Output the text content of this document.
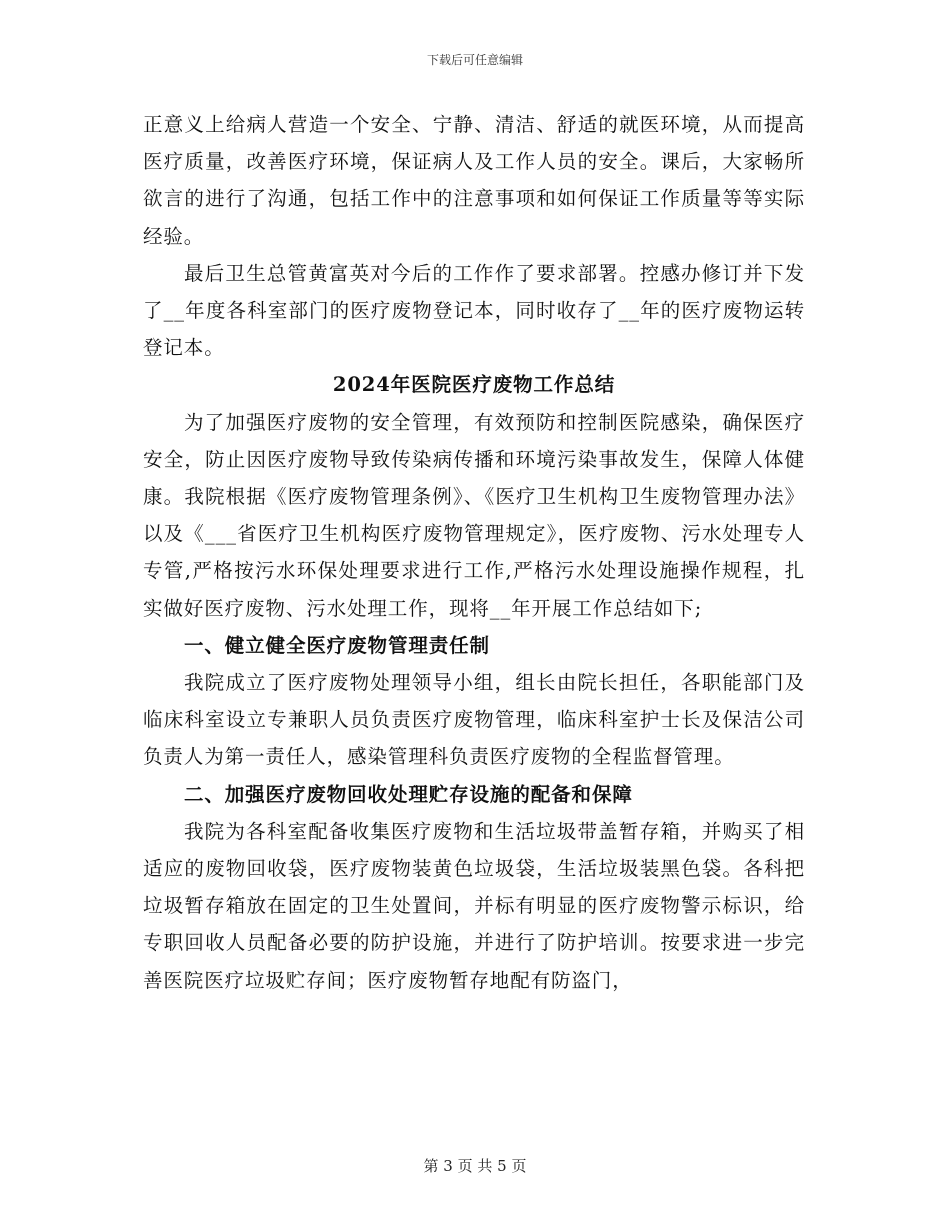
下载后可任意编辑

正意义上给病人营造一个安全、宁静、清洁、舒适的就医环境，从而提高医疗质量，改善医疗环境，保证病人及工作人员的安全。课后，大家畅所欲言的进行了沟通，包括工作中的注意事项和如何保证工作质量等等实际经验。

最后卫生总管黄富英对今后的工作作了要求部署。控感办修订并下发了__年度各科室部门的医疗废物登记本，同时收存了__年的医疗废物运转登记本。

2024年医院医疗废物工作总结

为了加强医疗废物的安全管理，有效预防和控制医院感染，确保医疗安全，防止因医疗废物导致传染病传播和环境污染事故发生，保障人体健康。我院根据《医疗废物管理条例》、《医疗卫生机构卫生废物管理办法》以及《___省医疗卫生机构医疗废物管理规定》，医疗废物、污水处理专人专管,严格按污水环保处理要求进行工作,严格污水处理设施操作规程，扎实做好医疗废物、污水处理工作，现将__年开展工作总结如下;

一、健立健全医疗废物管理责任制

我院成立了医疗废物处理领导小组，组长由院长担任，各职能部门及临床科室设立专兼职人员负责医疗废物管理，临床科室护士长及保洁公司负责人为第一责任人，感染管理科负责医疗废物的全程监督管理。

二、加强医疗废物回收处理贮存设施的配备和保障

我院为各科室配备收集医疗废物和生活垃圾带盖暂存箱，并购买了相适应的废物回收袋，医疗废物装黄色垃圾袋，生活垃圾装黑色袋。各科把垃圾暂存箱放在固定的卫生处置间，并标有明显的医疗废物警示标识，给专职回收人员配备必要的防护设施，并进行了防护培训。按要求进一步完善医院医疗垃圾贮存间；医疗废物暂存地配有防盗门，

第 3 页 共 5 页
